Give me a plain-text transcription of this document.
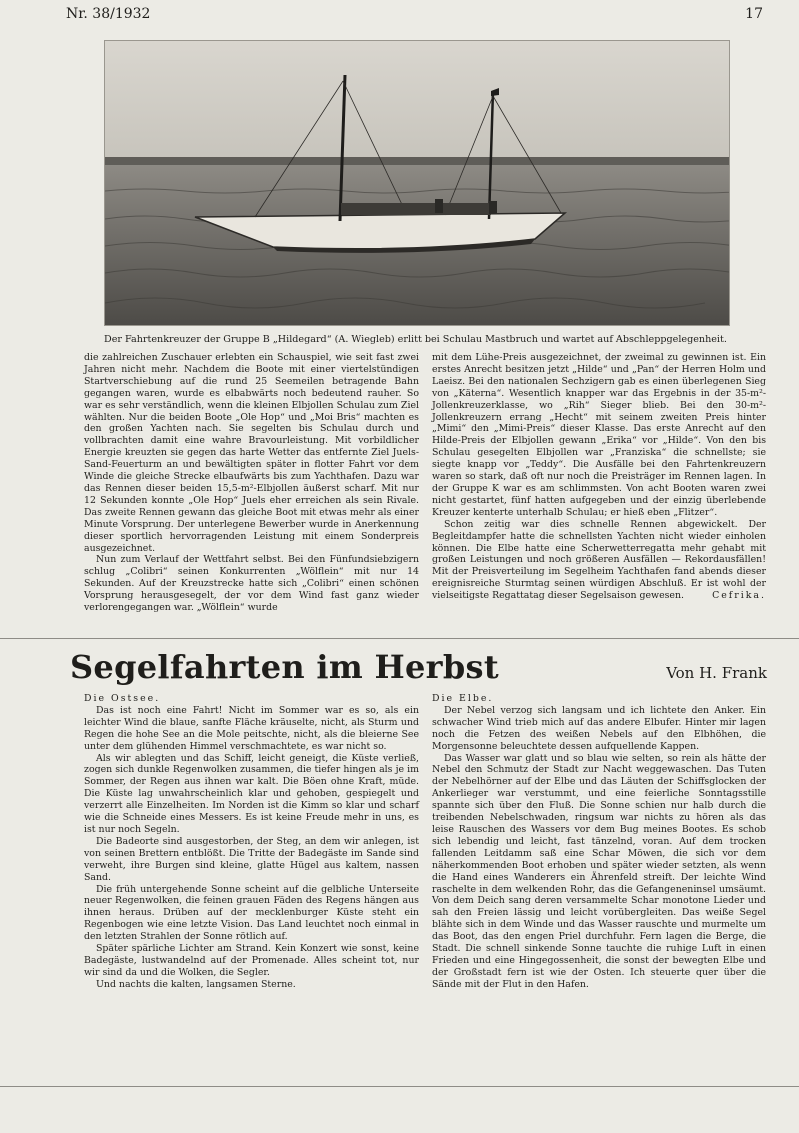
Nr. 38/1932	17
Der Fahrtenkreuzer der Gruppe B „Hildegard“ (A. Wiegleb) erlitt bei Schulau Mastbruch und wartet auf Abschleppgelegenheit.

die zahlreichen Zuschauer erlebten ein Schauspiel, wie seit fast zwei Jahren nicht mehr. Nachdem die Boote mit einer viertelstündigen Startverschiebung auf die rund 25 Seemeilen betragende Bahn gegangen waren, wurde es elbabwärts noch bedeutend rauher. So war es sehr verständlich, wenn die kleinen Elbjollen Schulau zum Ziel wählten. Nur die beiden Boote „Ole Hop“ und „Moi Bris“ machten es den großen Yachten nach. Sie segelten bis Schulau durch und vollbrachten damit eine wahre Bravourleistung. Mit vorbildlicher Energie kreuzten sie gegen das harte Wetter das entfernte Ziel Juels-Sand-Feuerturm an und bewältigten später in flotter Fahrt vor dem Winde die gleiche Strecke elbaufwärts bis zum Yachthafen. Dazu war das Rennen dieser beiden 15,5-m²-Elbjollen äußerst scharf. Mit nur 12 Sekunden konnte „Ole Hop“ Juels eher erreichen als sein Rivale. Das zweite Rennen gewann das gleiche Boot mit etwas mehr als einer Minute Vorsprung. Der unterlegene Bewerber wurde in Anerkennung dieser sportlich hervorragenden Leistung mit einem Sonderpreis ausgezeichnet.

Nun zum Verlauf der Wettfahrt selbst. Bei den Fünfundsiebzigern schlug „Colibri“ seinen Konkurrenten „Wölflein“ mit nur 14 Sekunden. Auf der Kreuzstrecke hatte sich „Colibri“ einen schönen Vorsprung herausgesegelt, der vor dem Wind fast ganz wieder verlorengegangen war. „Wölflein“ wurde

mit dem Lühe-Preis ausgezeichnet, der zweimal zu gewinnen ist. Ein erstes Anrecht besitzen jetzt „Hilde“ und „Pan“ der Herren Holm und Laeisz. Bei den nationalen Sechzigern gab es einen überlegenen Sieg von „Käterna“. Wesentlich knapper war das Ergebnis in der 35-m²-Jollenkreuzerklasse, wo „Rih“ Sieger blieb. Bei den 30-m²-Jollenkreuzern errang „Hecht“ mit seinem zweiten Preis hinter „Mimi“ den „Mimi-Preis“ dieser Klasse. Das erste Anrecht auf den Hilde-Preis der Elbjollen gewann „Erika“ vor „Hilde“. Von den bis Schulau gesegelten Elbjollen war „Franziska“ die schnellste; sie siegte knapp vor „Teddy“. Die Ausfälle bei den Fahrtenkreuzern waren so stark, daß oft nur noch die Preisträger im Rennen lagen. In der Gruppe K war es am schlimmsten. Von acht Booten waren zwei nicht gestartet, fünf hatten aufgegeben und der einzig überlebende Kreuzer kenterte unterhalb Schulau; er hieß eben „Flitzer“.

Schon zeitig war dies schnelle Rennen abgewickelt. Der Begleitdampfer hatte die schnellsten Yachten nicht wieder einholen können. Die Elbe hatte eine Scherwetterregatta mehr gehabt mit großen Leistungen und noch größeren Ausfällen — Rekordausfällen! Mit der Preisverteilung im Segelheim Yachthafen fand abends dieser ereignisreiche Sturmtag seinen würdigen Abschluß. Er ist wohl der vielseitigste Regattatag dieser Segelsaison gewesen.	Cefrika.
Segelfahrten im Herbst	Von H. Frank

Die Ostsee.

Das ist noch eine Fahrt! Nicht im Sommer war es so, als ein leichter Wind die blaue, sanfte Fläche kräuselte, nicht, als Sturm und Regen die hohe See an die Mole peitschte, nicht, als die bleierne See unter dem glühenden Himmel verschmachtete, es war nicht so.

Als wir ablegten und das Schiff, leicht geneigt, die Küste verließ, zogen sich dunkle Regenwolken zusammen, die tiefer hingen als je im Sommer, der Regen aus ihnen war kalt. Die Böen ohne Kraft, müde. Die Küste lag unwahrscheinlich klar und gehoben, gespiegelt und verzerrt alle Einzelheiten. Im Norden ist die Kimm so klar und scharf wie die Schneide eines Messers. Es ist keine Freude mehr in uns, es ist nur noch Segeln.

Die Badeorte sind ausgestorben, der Steg, an dem wir anlegen, ist von seinen Brettern entblößt. Die Tritte der Badegäste im Sande sind verweht, ihre Burgen sind kleine, glatte Hügel aus kaltem, nassen Sand.

Die früh untergehende Sonne scheint auf die gelbliche Unterseite neuer Regenwolken, die feinen grauen Fäden des Regens hängen aus ihnen heraus. Drüben auf der mecklenburger Küste steht ein Regenbogen wie eine letzte Vision. Das Land leuchtet noch einmal in den letzten Strahlen der Sonne rötlich auf.

Später spärliche Lichter am Strand. Kein Konzert wie sonst, keine Badegäste, lustwandelnd auf der Promenade. Alles scheint tot, nur wir sind da und die Wolken, die Segler.

Und nachts die kalten, langsamen Sterne.

Die Elbe.

Der Nebel verzog sich langsam und ich lichtete den Anker. Ein schwacher Wind trieb mich auf das andere Elbufer. Hinter mir lagen noch die Fetzen des weißen Nebels auf den Elbhöhen, die Morgensonne beleuchtete dessen aufquellende Kappen.

Das Wasser war glatt und so blau wie selten, so rein als hätte der Nebel den Schmutz der Stadt zur Nacht weggewaschen. Das Tuten der Nebelhörner auf der Elbe und das Läuten der Schiffsglocken der Ankerlieger war verstummt, und eine feierliche Sonntagsstille spannte sich über den Fluß. Die Sonne schien nur halb durch die treibenden Nebelschwaden, ringsum war nichts zu hören als das leise Rauschen des Wassers vor dem Bug meines Bootes. Es schob sich lebendig und leicht, fast tänzelnd, voran. Auf dem trocken fallenden Leitdamm saß eine Schar Möwen, die sich vor dem näherkommenden Boot erhoben und später wieder setzten, als wenn die Hand eines Wanderers ein Ährenfeld streift. Der leichte Wind raschelte in dem welkenden Rohr, das die Gefangeneninsel umsäumt. Von dem Deich sang deren versammelte Schar monotone Lieder und sah den Freien lässig und leicht vorübergleiten. Das weiße Segel blähte sich in dem Winde und das Wasser rauschte und murmelte um das Boot, das den engen Priel durchfuhr. Fern lagen die Berge, die Stadt. Die schnell sinkende Sonne tauchte die ruhige Luft in einen Frieden und eine Hingegossenheit, die sonst der bewegten Elbe und der Großstadt fern ist wie der Osten. Ich steuerte quer über die Sände mit der Flut in den Hafen.
